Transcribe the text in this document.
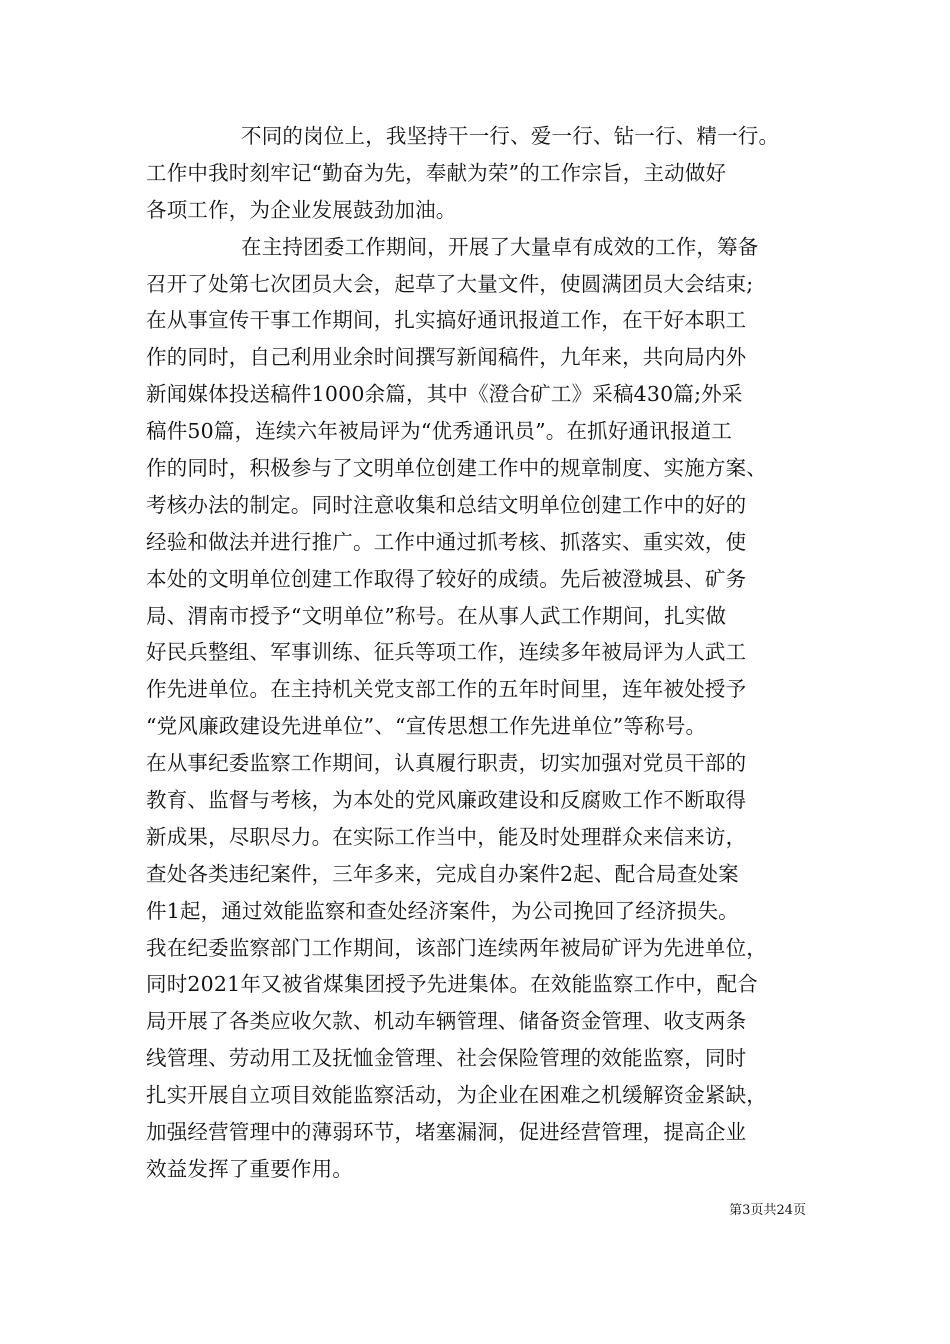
不同的岗位上，我坚持干一行、爱一行、钻一行、精一行。
工作中我时刻牢记“勤奋为先，奉献为荣”的工作宗旨，主动做好
各项工作，为企业发展鼓劲加油。
在主持团委工作期间，开展了大量卓有成效的工作，筹备
召开了处第七次团员大会，起草了大量文件，使圆满团员大会结束;
在从事宣传干事工作期间，扎实搞好通讯报道工作，在干好本职工
作的同时，自己利用业余时间撰写新闻稿件，九年来，共向局内外
新闻媒体投送稿件1000余篇，其中《澄合矿工》采稿430篇;外采
稿件50篇，连续六年被局评为“优秀通讯员”。在抓好通讯报道工
作的同时，积极参与了文明单位创建工作中的规章制度、实施方案、
考核办法的制定。同时注意收集和总结文明单位创建工作中的好的
经验和做法并进行推广。工作中通过抓考核、抓落实、重实效，使
本处的文明单位创建工作取得了较好的成绩。先后被澄城县、矿务
局、渭南市授予“文明单位”称号。在从事人武工作期间，扎实做
好民兵整组、军事训练、征兵等项工作，连续多年被局评为人武工
作先进单位。在主持机关党支部工作的五年时间里，连年被处授予
“党风廉政建设先进单位”、“宣传思想工作先进单位”等称号。
在从事纪委监察工作期间，认真履行职责，切实加强对党员干部的
教育、监督与考核，为本处的党风廉政建设和反腐败工作不断取得
新成果，尽职尽力。在实际工作当中，能及时处理群众来信来访，
查处各类违纪案件，三年多来，完成自办案件2起、配合局查处案
件1起，通过效能监察和查处经济案件，为公司挽回了经济损失。
我在纪委监察部门工作期间，该部门连续两年被局矿评为先进单位，
同时2021年又被省煤集团授予先进集体。在效能监察工作中，配合
局开展了各类应收欠款、机动车辆管理、储备资金管理、收支两条
线管理、劳动用工及抚恤金管理、社会保险管理的效能监察，同时
扎实开展自立项目效能监察活动，为企业在困难之机缓解资金紧缺，
加强经营管理中的薄弱环节，堵塞漏洞，促进经营管理，提高企业
效益发挥了重要作用。
第3页共24页
